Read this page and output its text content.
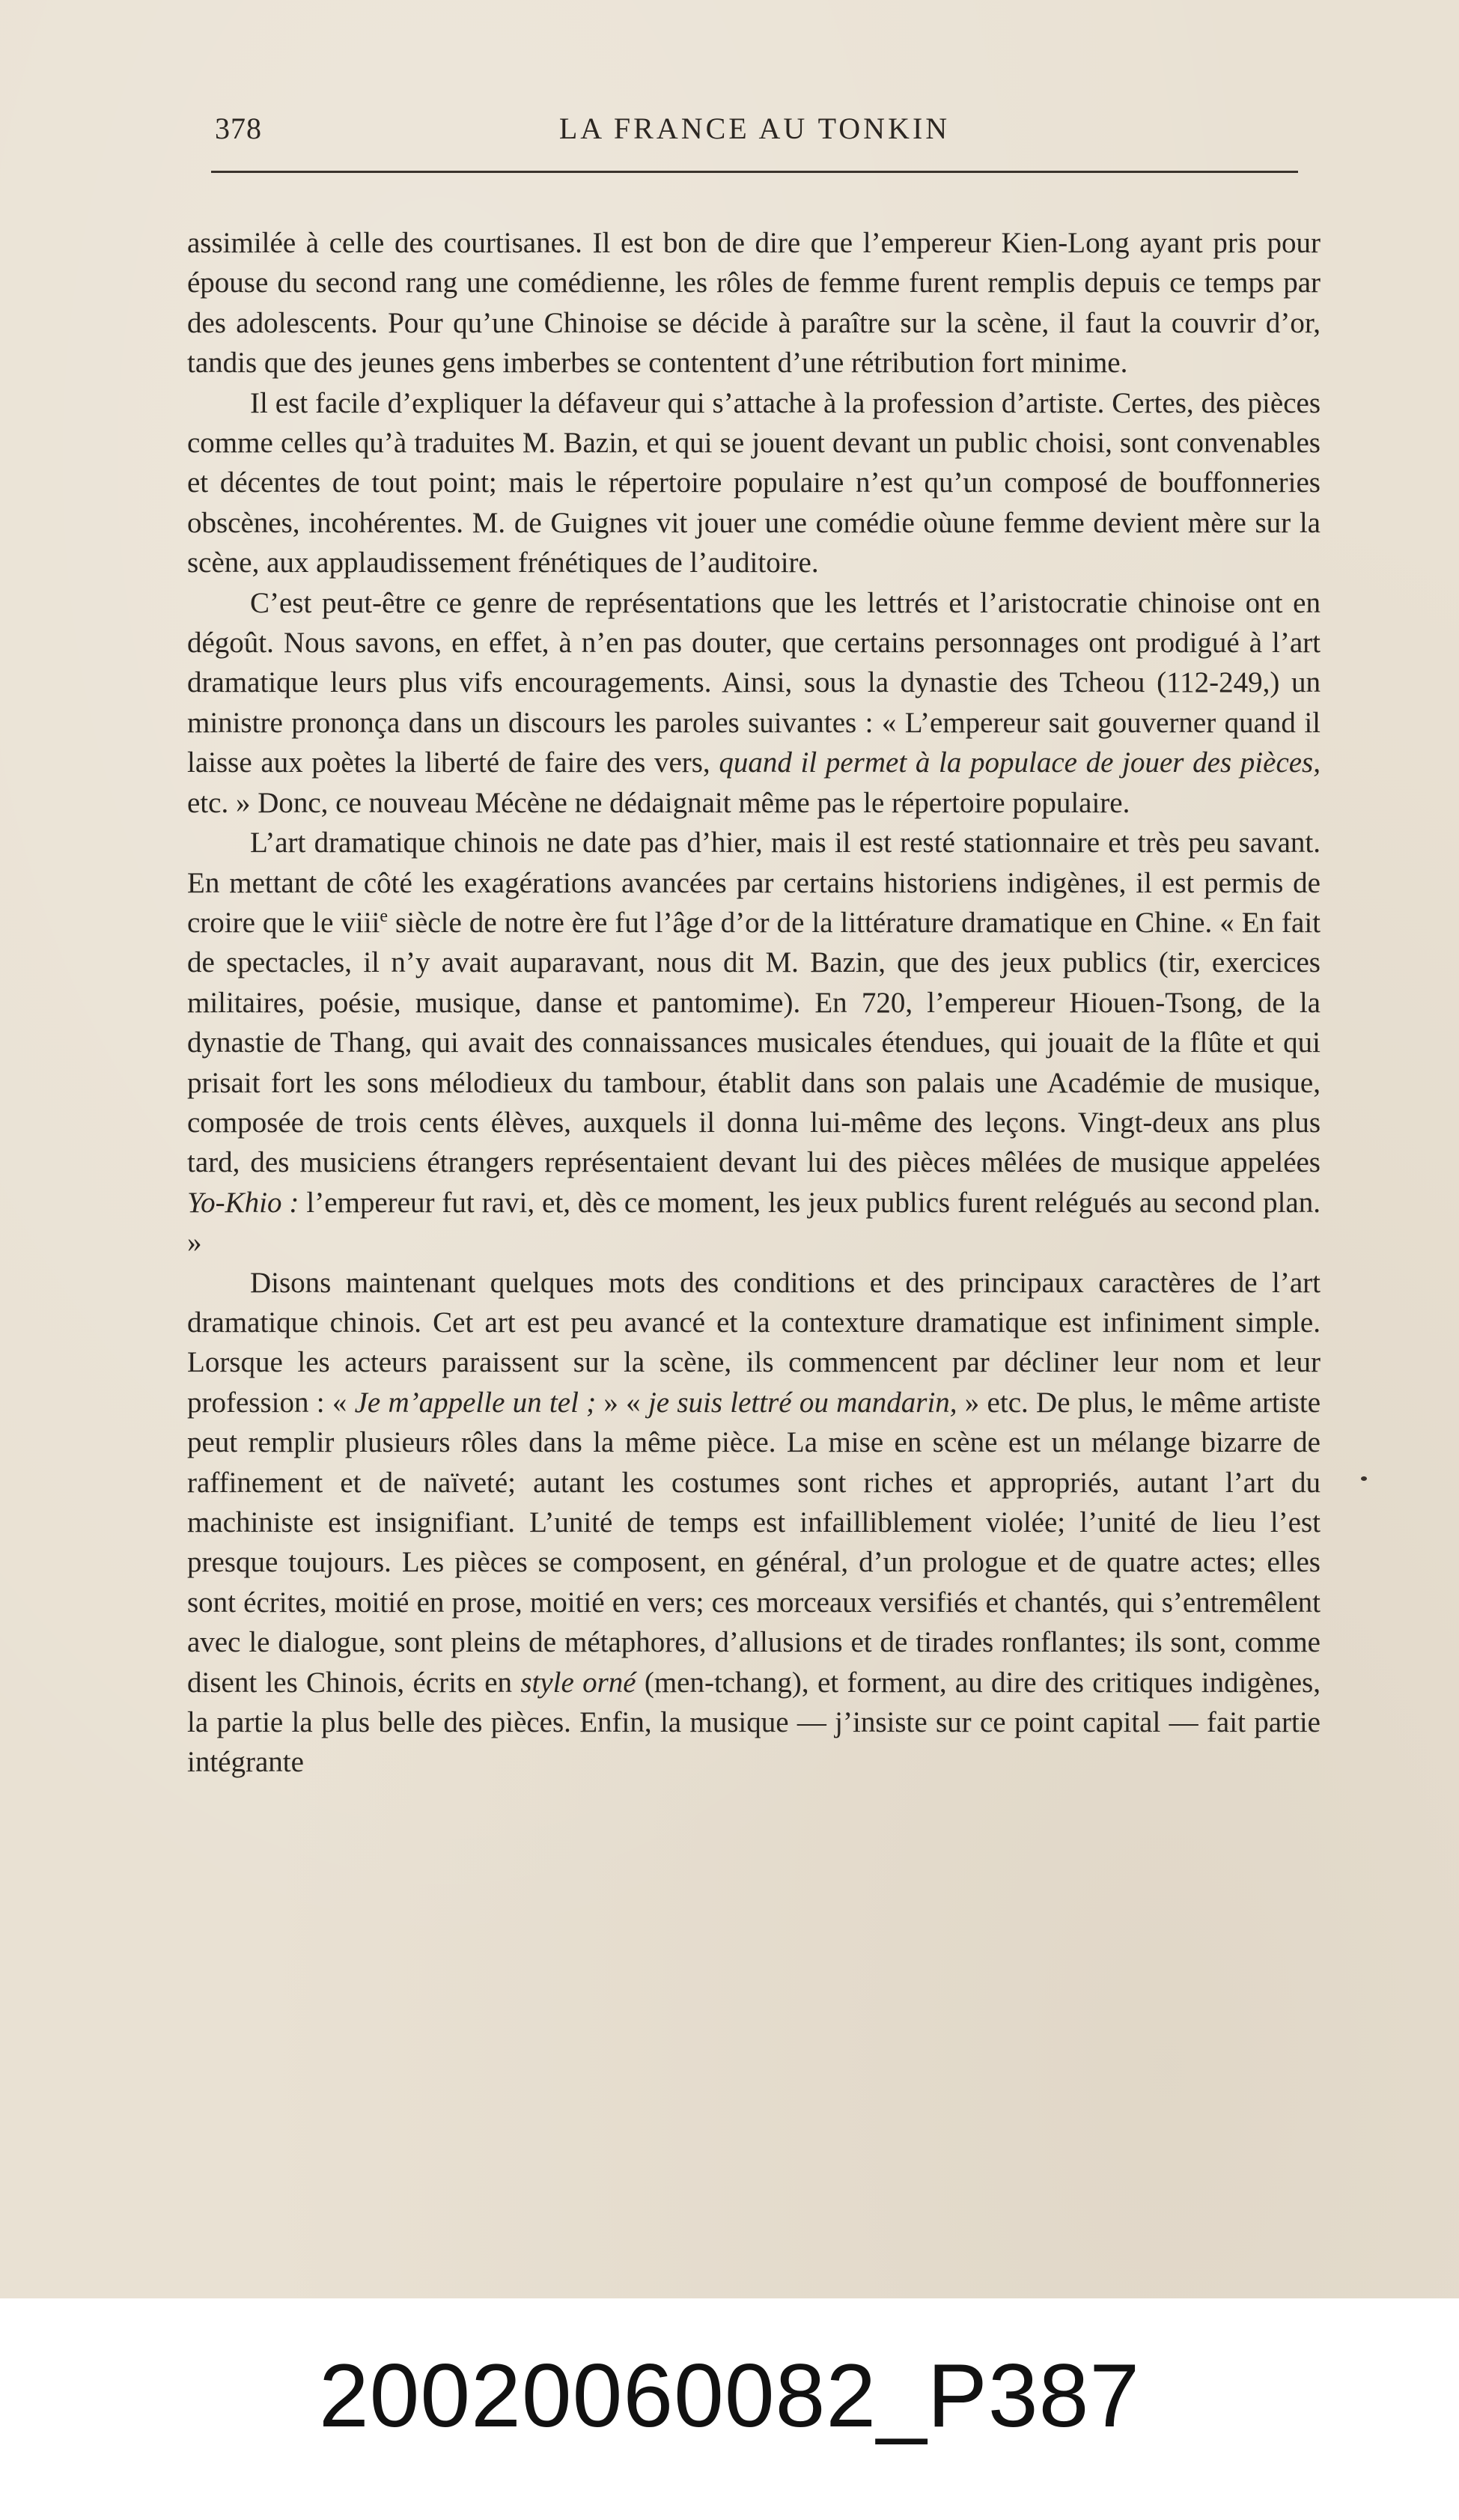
378	LA FRANCE AU TONKIN

assimilée à celle des courtisanes. Il est bon de dire que l’empereur Kien-Long ayant pris pour épouse du second rang une comédienne, les rôles de femme furent remplis depuis ce temps par des adolescents. Pour qu’une Chinoise se décide à paraître sur la scène, il faut la couvrir d’or, tandis que des jeunes gens imberbes se contentent d’une rétribution fort minime.

Il est facile d’expliquer la défaveur qui s’attache à la profession d’artiste. Certes, des pièces comme celles qu’à traduites M. Bazin, et qui se jouent devant un public choisi, sont convenables et décentes de tout point; mais le répertoire populaire n’est qu’un composé de bouffonneries obscènes, incohérentes. M. de Guignes vit jouer une comédie oùune femme devient mère sur la scène, aux applaudissement frénétiques de l’auditoire.

C’est peut-être ce genre de représentations que les lettrés et l’aristocratie chinoise ont en dégoût. Nous savons, en effet, à n’en pas douter, que certains personnages ont prodigué à l’art dramatique leurs plus vifs encouragements. Ainsi, sous la dynastie des Tcheou (112-249,) un ministre prononça dans un discours les paroles suivantes : « L’empereur sait gouverner quand il laisse aux poètes la liberté de faire des vers, quand il permet à la populace de jouer des pièces, etc. » Donc, ce nouveau Mécène ne dédaignait même pas le répertoire populaire.

L’art dramatique chinois ne date pas d’hier, mais il est resté stationnaire et très peu savant. En mettant de côté les exagérations avancées par certains historiens indigènes, il est permis de croire que le viii$^e$ siècle de notre ère fut l’âge d’or de la littérature dramatique en Chine. « En fait de spectacles, il n’y avait auparavant, nous dit M. Bazin, que des jeux publics (tir, exercices militaires, poésie, musique, danse et pantomime). En 720, l’empereur Hiouen-Tsong, de la dynastie de Thang, qui avait des connaissances musicales étendues, qui jouait de la flûte et qui prisait fort les sons mélodieux du tambour, établit dans son palais une Académie de musique, composée de trois cents élèves, auxquels il donna lui-même des leçons. Vingt-deux ans plus tard, des musiciens étrangers représentaient devant lui des pièces mêlées de musique appelées Yo-Khio : l’empereur fut ravi, et, dès ce moment, les jeux publics furent relégués au second plan. »

Disons maintenant quelques mots des conditions et des principaux caractères de l’art dramatique chinois. Cet art est peu avancé et la contexture dramatique est infiniment simple. Lorsque les acteurs paraissent sur la scène, ils commencent par décliner leur nom et leur profession : « Je m’appelle un tel ; » « je suis lettré ou mandarin, » etc. De plus, le même artiste peut remplir plusieurs rôles dans la même pièce. La mise en scène est un mélange bizarre de raffinement et de naïveté; autant les costumes sont riches et appropriés, autant l’art du machiniste est insignifiant. L’unité de temps est infailliblement violée; l’unité de lieu l’est presque toujours. Les pièces se composent, en général, d’un prologue et de quatre actes; elles sont écrites, moitié en prose, moitié en vers; ces morceaux versifiés et chantés, qui s’entremêlent avec le dialogue, sont pleins de métaphores, d’allusions et de tirades ronflantes; ils sont, comme disent les Chinois, écrits en style orné (men-tchang), et forment, au dire des critiques indigènes, la partie la plus belle des pièces. Enfin, la musique — j’insiste sur ce point capital — fait partie intégrante

20020060082_P387
